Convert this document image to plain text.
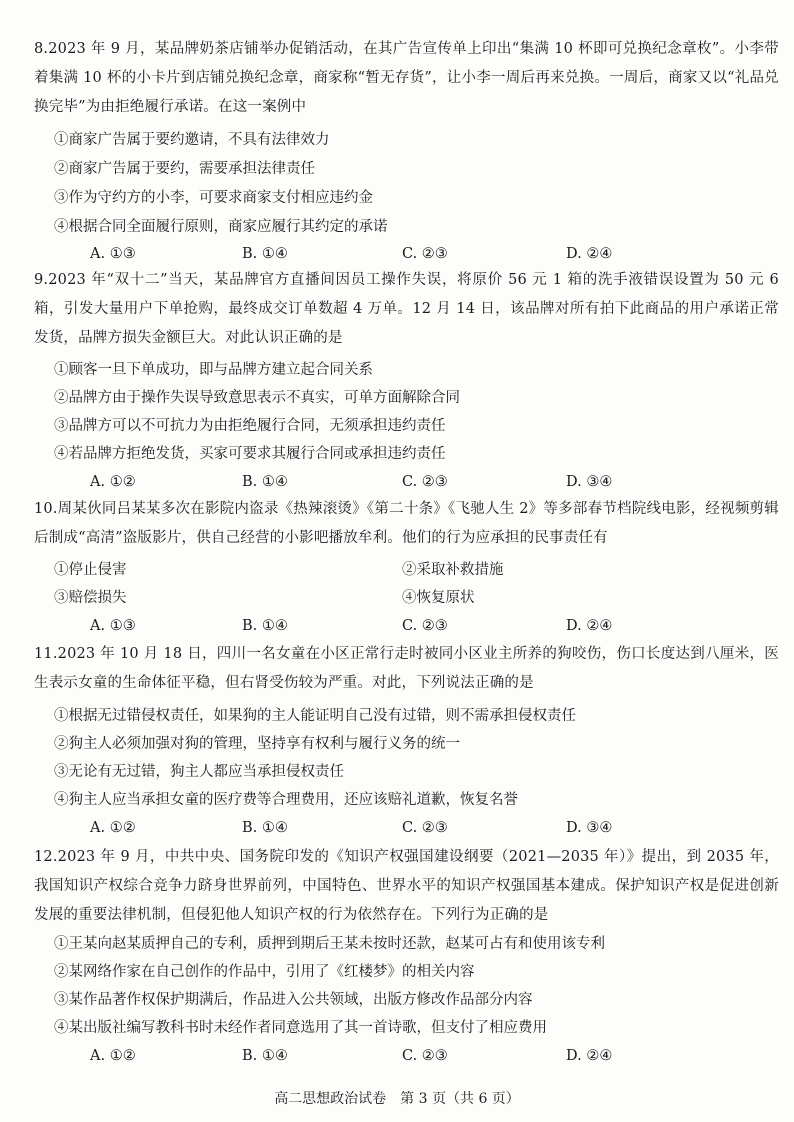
8.2023 年 9 月，某品牌奶茶店铺举办促销活动，在其广告宣传单上印出“集满 10 杯即可兑换纪念章枚”。小李带着集满 10 杯的小卡片到店铺兑换纪念章，商家称“暂无存货”，让小李一周后再来兑换。一周后，商家又以“礼品兑换完毕”为由拒绝履行承诺。在这一案例中
①商家广告属于要约邀请，不具有法律效力
②商家广告属于要约，需要承担法律责任
③作为守约方的小李，可要求商家支付相应违约金
④根据合同全面履行原则，商家应履行其约定的承诺
A. ①③	B. ①④	C. ②③	D. ②④
9.2023 年“双十二”当天，某品牌官方直播间因员工操作失误，将原价 56 元 1 箱的洗手液错误设置为 50 元 6 箱，引发大量用户下单抢购，最终成交订单数超 4 万单。12 月 14 日，该品牌对所有拍下此商品的用户承诺正常发货，品牌方损失金额巨大。对此认识正确的是
①顾客一旦下单成功，即与品牌方建立起合同关系
②品牌方由于操作失误导致意思表示不真实，可单方面解除合同
③品牌方可以不可抗力为由拒绝履行合同，无须承担违约责任
④若品牌方拒绝发货，买家可要求其履行合同或承担违约责任
A. ①②	B. ①④	C. ②③	D. ③④
10.周某伙同吕某某多次在影院内盗录《热辣滚烫》《第二十条》《飞驰人生 2》等多部春节档院线电影，经视频剪辑后制成“高清”盗版影片，供自己经营的小影吧播放牟利。他们的行为应承担的民事责任有
①停止侵害	②采取补救措施
③赔偿损失	④恢复原状
A. ①③	B. ①④	C. ②③	D. ②④
11.2023 年 10 月 18 日，四川一名女童在小区正常行走时被同小区业主所养的狗咬伤，伤口长度达到八厘米，医生表示女童的生命体征平稳，但右肾受伤较为严重。对此，下列说法正确的是
①根据无过错侵权责任，如果狗的主人能证明自己没有过错，则不需承担侵权责任
②狗主人必须加强对狗的管理，坚持享有权利与履行义务的统一
③无论有无过错，狗主人都应当承担侵权责任
④狗主人应当承担女童的医疗费等合理费用，还应该赔礼道歉，恢复名誉
A. ①②	B. ①④	C. ②③	D. ③④
12.2023 年 9 月，中共中央、国务院印发的《知识产权强国建设纲要（2021—2035 年）》提出，到 2035 年，我国知识产权综合竞争力跻身世界前列，中国特色、世界水平的知识产权强国基本建成。保护知识产权是促进创新发展的重要法律机制，但侵犯他人知识产权的行为依然存在。下列行为正确的是
①王某向赵某质押自己的专利，质押到期后王某未按时还款，赵某可占有和使用该专利
②某网络作家在自己创作的作品中，引用了《红楼梦》的相关内容
③某作品著作权保护期满后，作品进入公共领域，出版方修改作品部分内容
④某出版社编写教科书时未经作者同意选用了其一首诗歌，但支付了相应费用
A. ①②	B. ①④	C. ②③	D. ②④
高二思想政治试卷　第 3 页（共 6 页）
